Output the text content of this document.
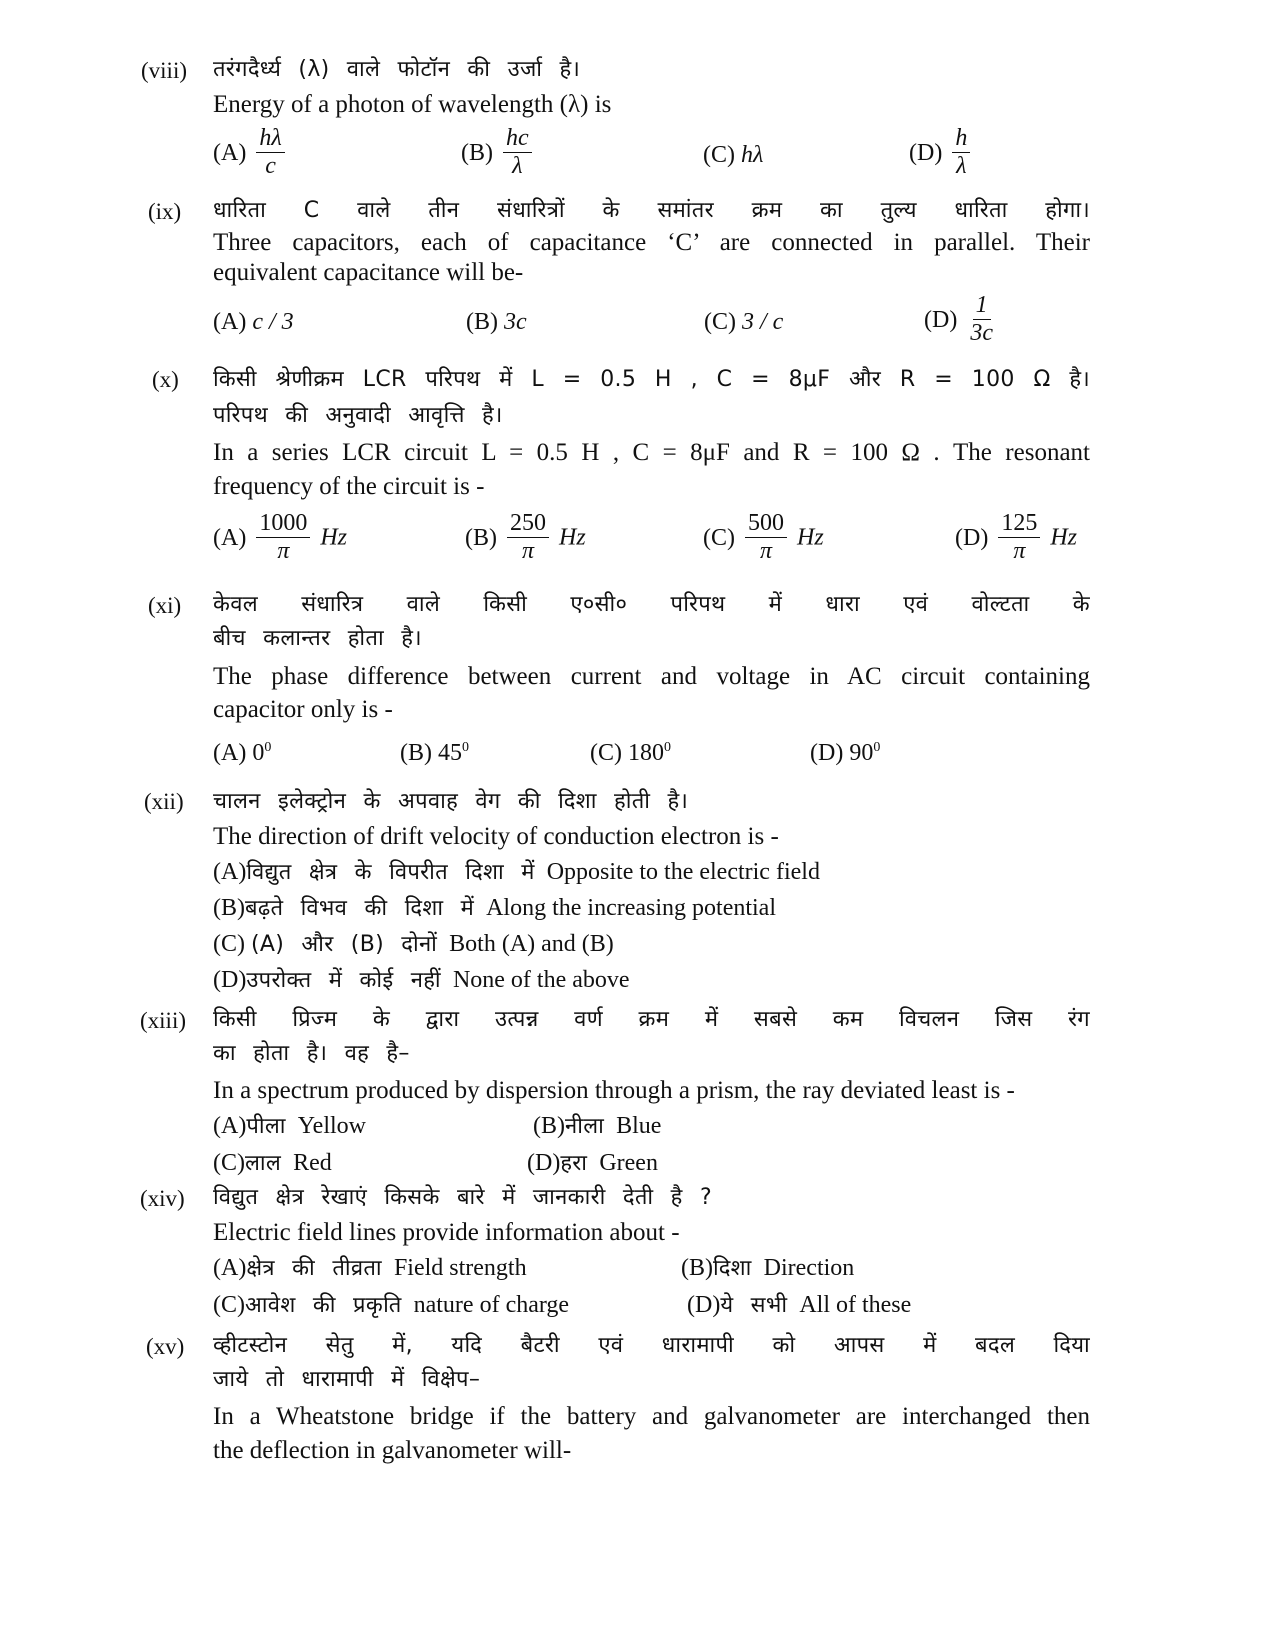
(viii) तरंगदैर्ध्य (λ) वाले फोटॉन की उर्जा है।
Energy of a photon of wavelength (λ) is
$(A) \frac{h\lambda}{c}$	$(B) \frac{hc}{\lambda}$	(C) hλ	$(D) \frac{h}{\lambda}$
(ix) धारिता C वाले तीन संधारित्रों के समांतर क्रम का तुल्य धारिता होगा।
Three capacitors, each of capacitance ‘C’ are connected in parallel. Their
equivalent capacitance will be-
(A) c / 3	(B) 3c	(C) 3 / c	$(D) \frac{1}{3c}$
(x) किसी श्रेणीक्रम LCR परिपथ में L = 0.5 H , C = 8μF और R = 100 Ω है।
परिपथ की अनुवादी आवृत्ति है।
In a series LCR circuit L = 0.5 H , C = 8μF and R = 100 Ω . The resonant
frequency of the circuit is -
$(A) \frac{1000}{\pi}$ Hz	$(B) \frac{250}{\pi}$ Hz	$(C) \frac{500}{\pi}$ Hz	$(D) \frac{125}{\pi}$ Hz
(xi) केवल संधारित्र वाले किसी ए०सी० परिपथ में धारा एवं वोल्टता के
बीच कलान्तर होता है।
The phase difference between current and voltage in AC circuit containing
capacitor only is -
(A) $0^0$	(B) $45^0$	(C) $180^0$	(D) $90^0$
(xii) चालन इलेक्ट्रोन के अपवाह वेग की दिशा होती है।
The direction of drift velocity of conduction electron is -
(A)विद्युत क्षेत्र के विपरीत दिशा में Opposite to the electric field
(B)बढ़ते विभव की दिशा में Along the increasing potential
(C) (A) और (B) दोनों Both (A) and (B)
(D)उपरोक्त में कोई नहीं None of the above
(xiii) किसी प्रिज्म के द्वारा उत्पन्न वर्ण क्रम में सबसे कम विचलन जिस रंग
का होता है। वह है–
In a spectrum produced by dispersion through a prism, the ray deviated least is -
(A)पीला Yellow	(B)नीला Blue
(C)लाल Red	(D)हरा Green
(xiv) विद्युत क्षेत्र रेखाएं किसके बारे में जानकारी देती है ?
Electric field lines provide information about -
(A)क्षेत्र की तीव्रता Field strength	(B)दिशा Direction
(C)आवेश की प्रकृति nature of charge	(D)ये सभी All of these
(xv) व्हीटस्टोन सेतु में, यदि बैटरी एवं धारामापी को आपस में बदल दिया
जाये तो धारामापी में विक्षेप–
In a Wheatstone bridge if the battery and galvanometer are interchanged then
the deflection in galvanometer will-
